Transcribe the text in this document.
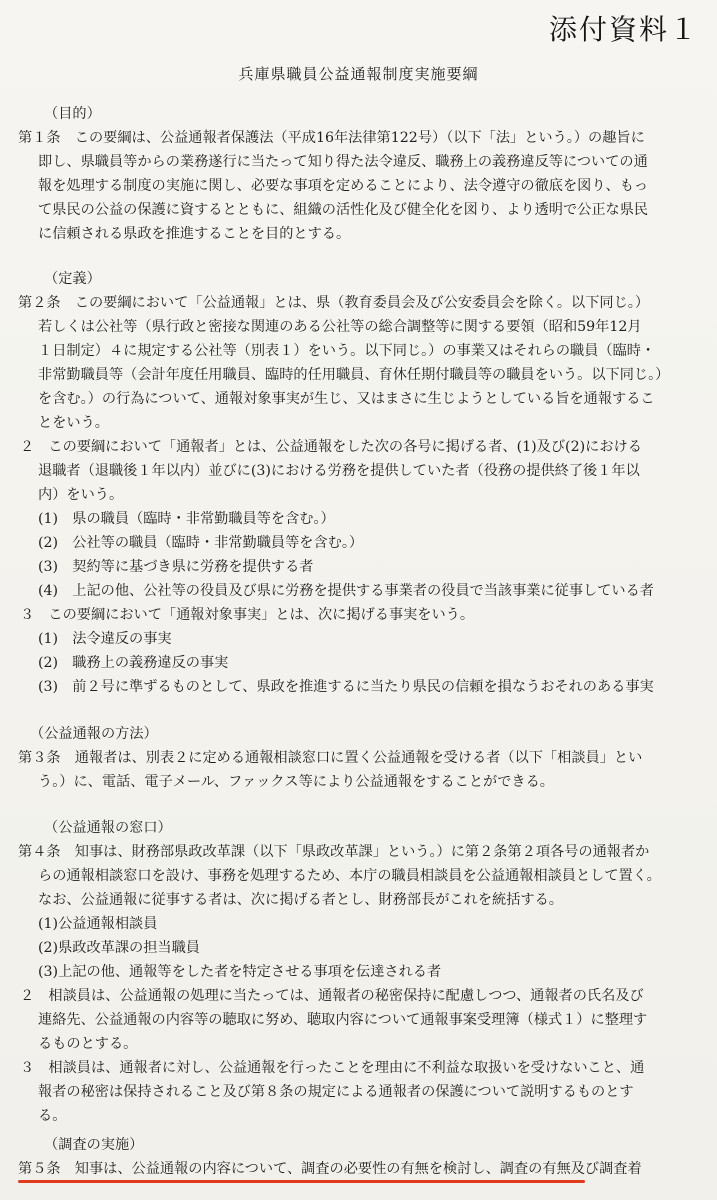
添付資料１
兵庫県職員公益通報制度実施要綱
（目的）
第１条　この要綱は、公益通報者保護法（平成16年法律第122号）（以下「法」という。）の趣旨に
即し、県職員等からの業務遂行に当たって知り得た法令違反、職務上の義務違反等についての通
報を処理する制度の実施に関し、必要な事項を定めることにより、法令遵守の徹底を図り、もっ
て県民の公益の保護に資するとともに、組織の活性化及び健全化を図り、より透明で公正な県民
に信頼される県政を推進することを目的とする。
（定義）
第２条　この要綱において「公益通報」とは、県（教育委員会及び公安委員会を除く。以下同じ。）
若しくは公社等（県行政と密接な関連のある公社等の総合調整等に関する要領（昭和59年12月
１日制定）４に規定する公社等（別表１）をいう。以下同じ。）の事業又はそれらの職員（臨時・
非常勤職員等（会計年度任用職員、臨時的任用職員、育休任期付職員等の職員をいう。以下同じ。）
を含む。）の行為について、通報対象事実が生じ、又はまさに生じようとしている旨を通報するこ
とをいう。
２　この要綱において「通報者」とは、公益通報をした次の各号に掲げる者、(1)及び(2)における
退職者（退職後１年以内）並びに(3)における労務を提供していた者（役務の提供終了後１年以
内）をいう。
(1)　県の職員（臨時・非常勤職員等を含む。）
(2)　公社等の職員（臨時・非常勤職員等を含む。）
(3)　契約等に基づき県に労務を提供する者
(4)　上記の他、公社等の役員及び県に労務を提供する事業者の役員で当該事業に従事している者
３　この要綱において「通報対象事実」とは、次に掲げる事実をいう。
(1)　法令違反の事実
(2)　職務上の義務違反の事実
(3)　前２号に準ずるものとして、県政を推進するに当たり県民の信頼を損なうおそれのある事実
（公益通報の方法）
第３条　通報者は、別表２に定める通報相談窓口に置く公益通報を受ける者（以下「相談員」とい
う。）に、電話、電子メール、ファックス等により公益通報をすることができる。
（公益通報の窓口）
第４条　知事は、財務部県政改革課（以下「県政改革課」という。）に第２条第２項各号の通報者か
らの通報相談窓口を設け、事務を処理するため、本庁の職員相談員を公益通報相談員として置く。
なお、公益通報に従事する者は、次に掲げる者とし、財務部長がこれを統括する。
(1)公益通報相談員
(2)県政改革課の担当職員
(3)上記の他、通報等をした者を特定させる事項を伝達される者
２　相談員は、公益通報の処理に当たっては、通報者の秘密保持に配慮しつつ、通報者の氏名及び
連絡先、公益通報の内容等の聴取に努め、聴取内容について通報事案受理簿（様式１）に整理す
るものとする。
３　相談員は、通報者に対し、公益通報を行ったことを理由に不利益な取扱いを受けないこと、通
報者の秘密は保持されること及び第８条の規定による通報者の保護について説明するものとす
る。
（調査の実施）
第５条　知事は、公益通報の内容について、調査の必要性の有無を検討し、調査の有無及び調査着
